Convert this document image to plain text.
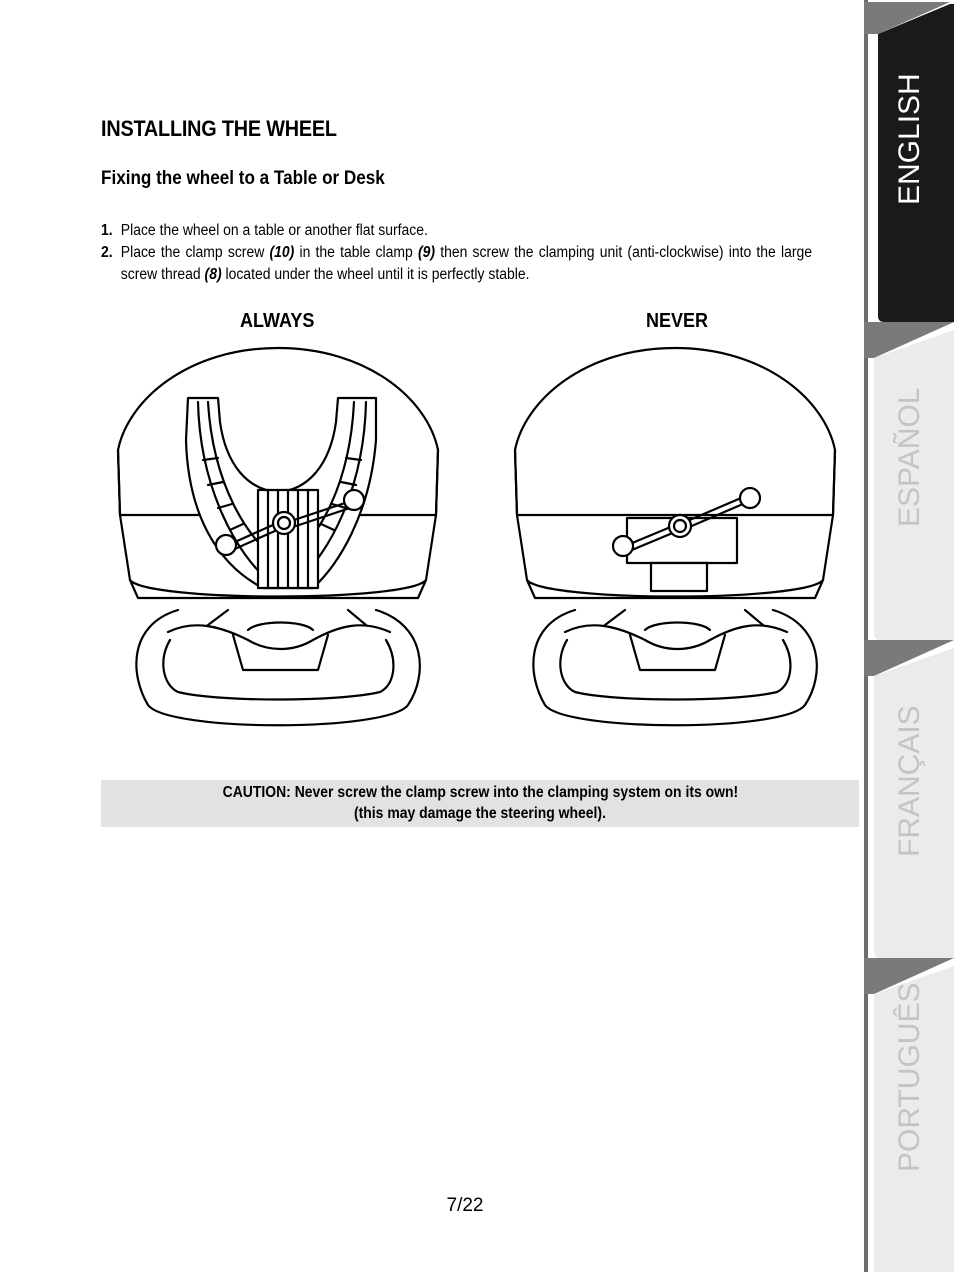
INSTALLING THE WHEEL
Fixing the wheel to a Table or Desk
1. Place the wheel on a table or another flat surface.
2. Place the clamp screw (10) in the table clamp (9) then screw the clamping unit (anti-clockwise) into the large screw thread (8) located under the wheel until it is perfectly stable.
ALWAYS	NEVER
CAUTION: Never screw the clamp screw into the clamping system on its own!
(this may damage the steering wheel).
7/22
ENGLISH
ESPAÑOL
FRANÇAIS
